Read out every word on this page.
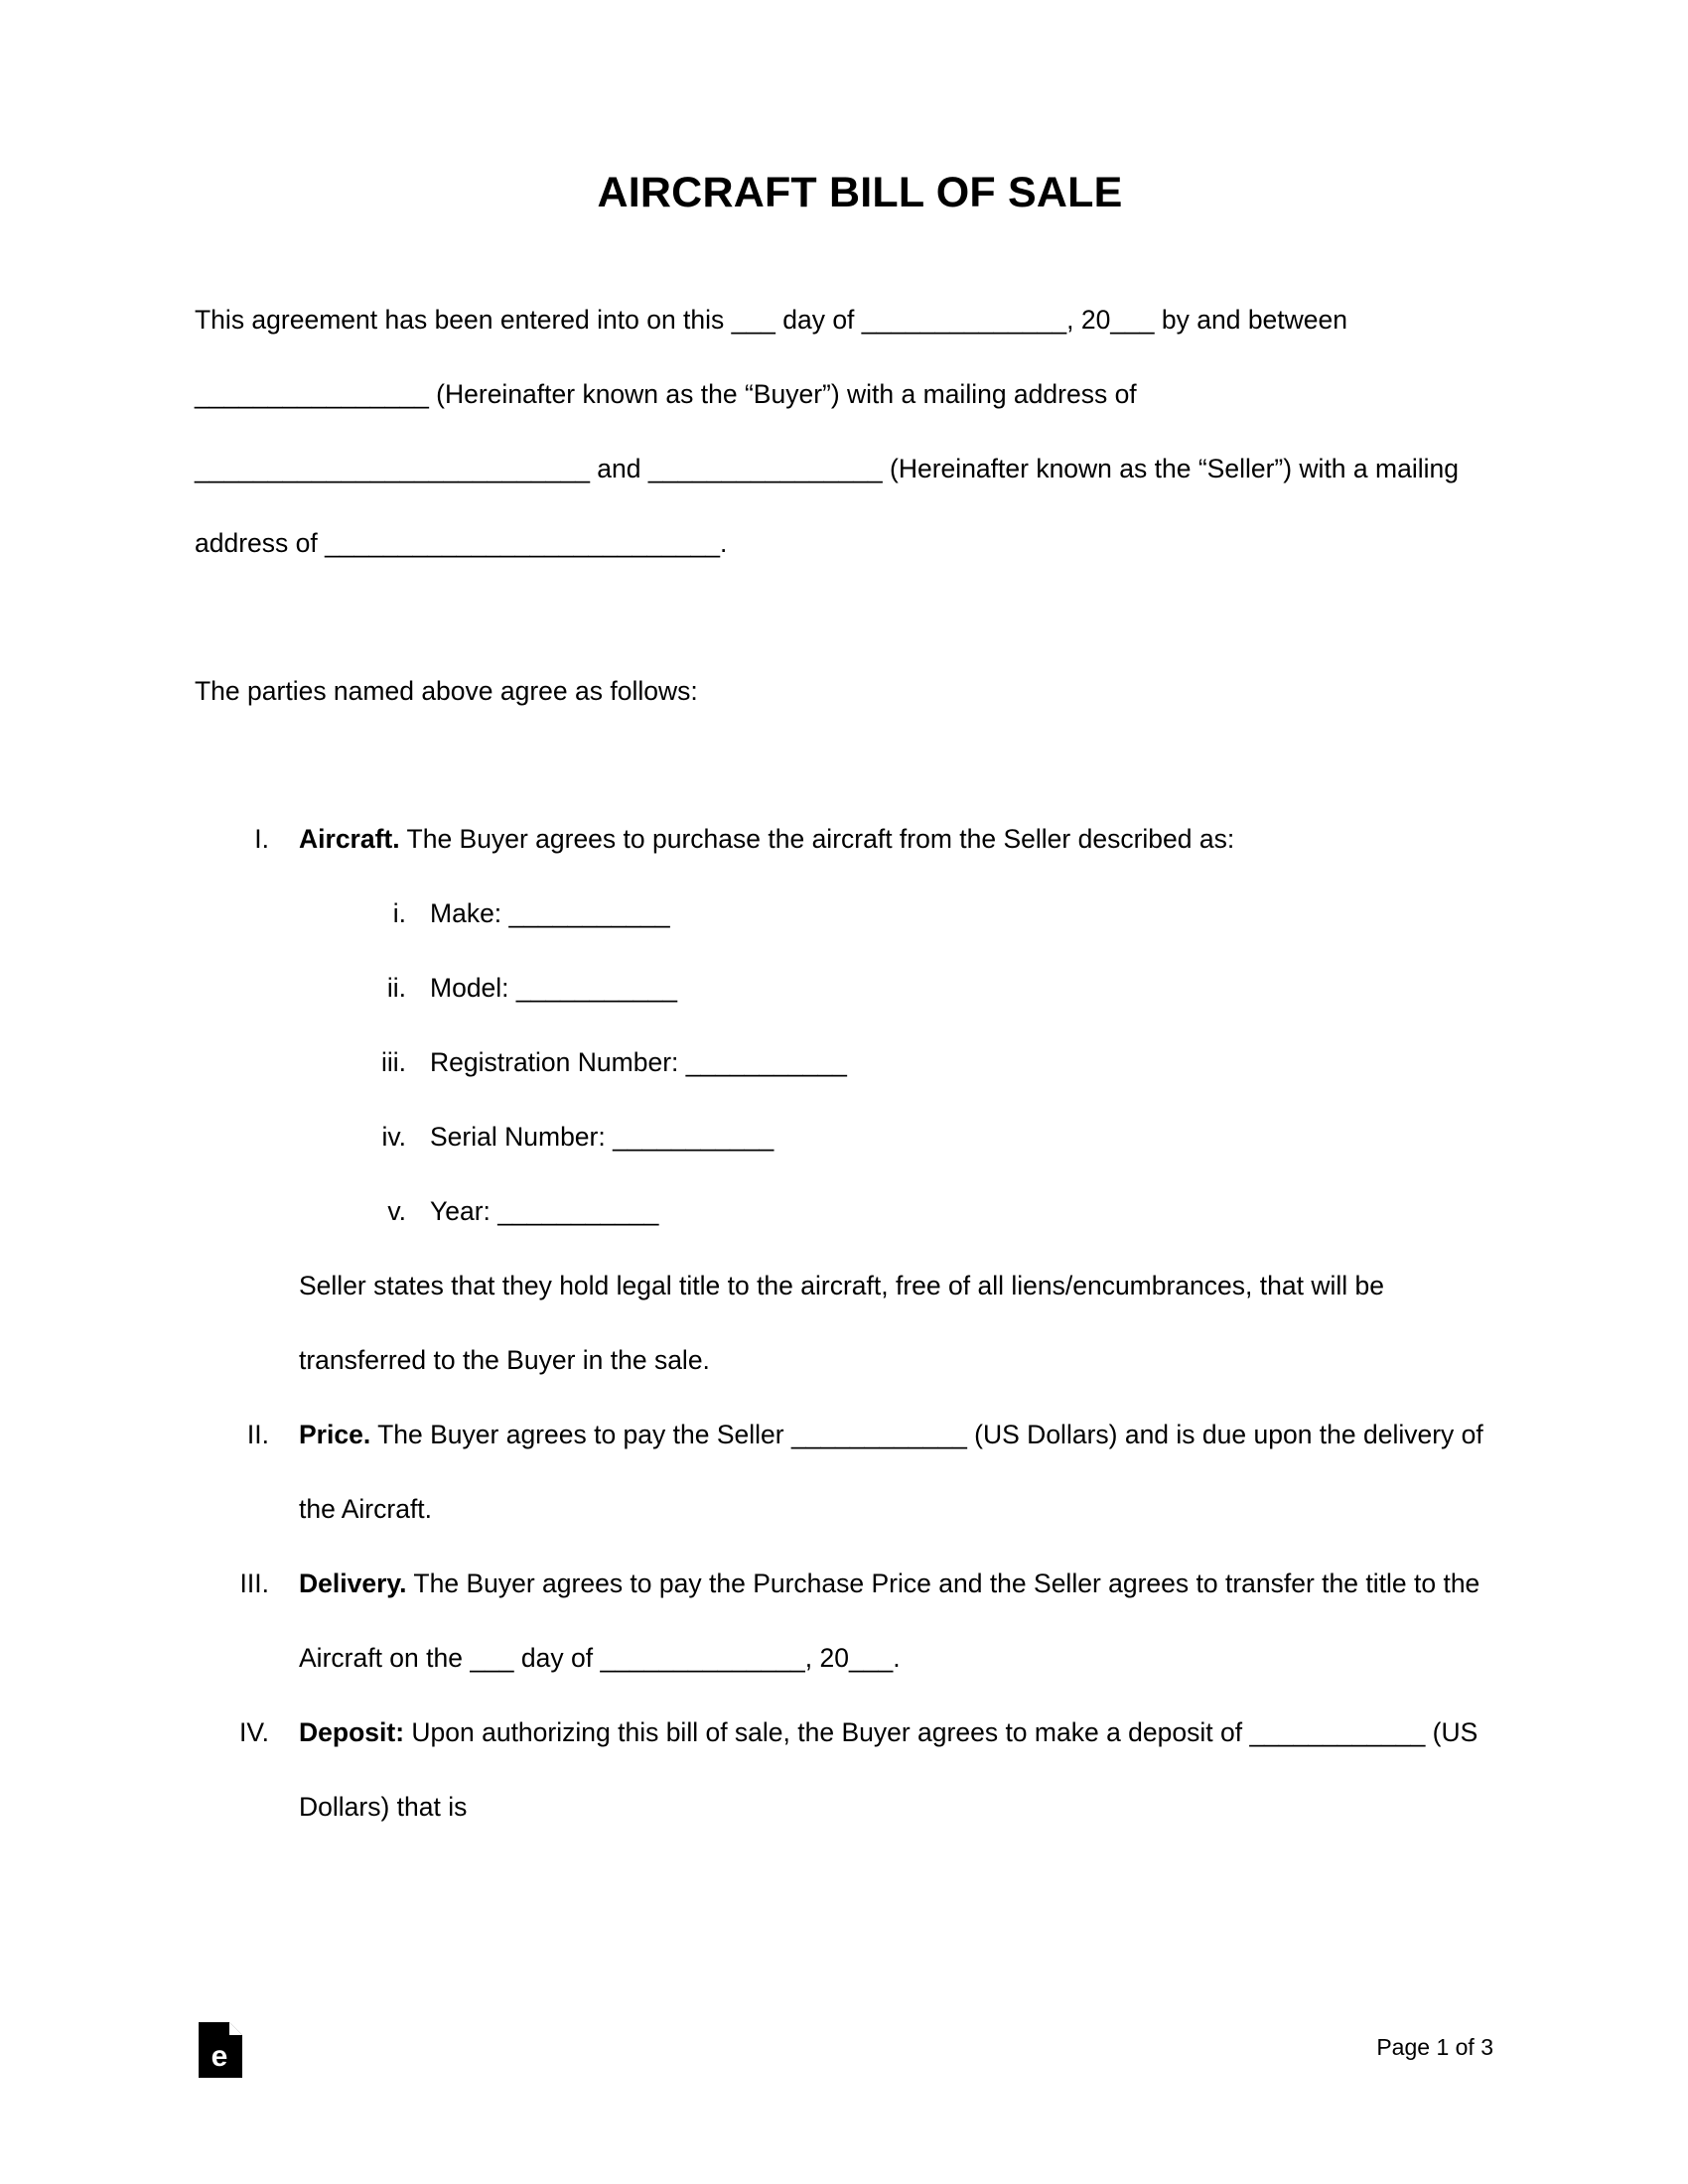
AIRCRAFT BILL OF SALE

This agreement has been entered into on this ___ day of ______________, 20___ by and between ________________ (Hereinafter known as the “Buyer”) with a mailing address of ___________________________ and ________________ (Hereinafter known as the “Seller”) with a mailing address of ___________________________.

The parties named above agree as follows:

I. Aircraft. The Buyer agrees to purchase the aircraft from the Seller described as:
i. Make: ___________
ii. Model: ___________
iii. Registration Number: ___________
iv. Serial Number: ___________
v. Year: ___________
Seller states that they hold legal title to the aircraft, free of all liens/encumbrances, that will be transferred to the Buyer in the sale.
II. Price. The Buyer agrees to pay the Seller ____________ (US Dollars) and is due upon the delivery of the Aircraft.
III. Delivery. The Buyer agrees to pay the Purchase Price and the Seller agrees to transfer the title to the Aircraft on the ___ day of ______________, 20___.
IV. Deposit: Upon authorizing this bill of sale, the Buyer agrees to make a deposit of ____________ (US Dollars) that is
e	Page 1 of 3
